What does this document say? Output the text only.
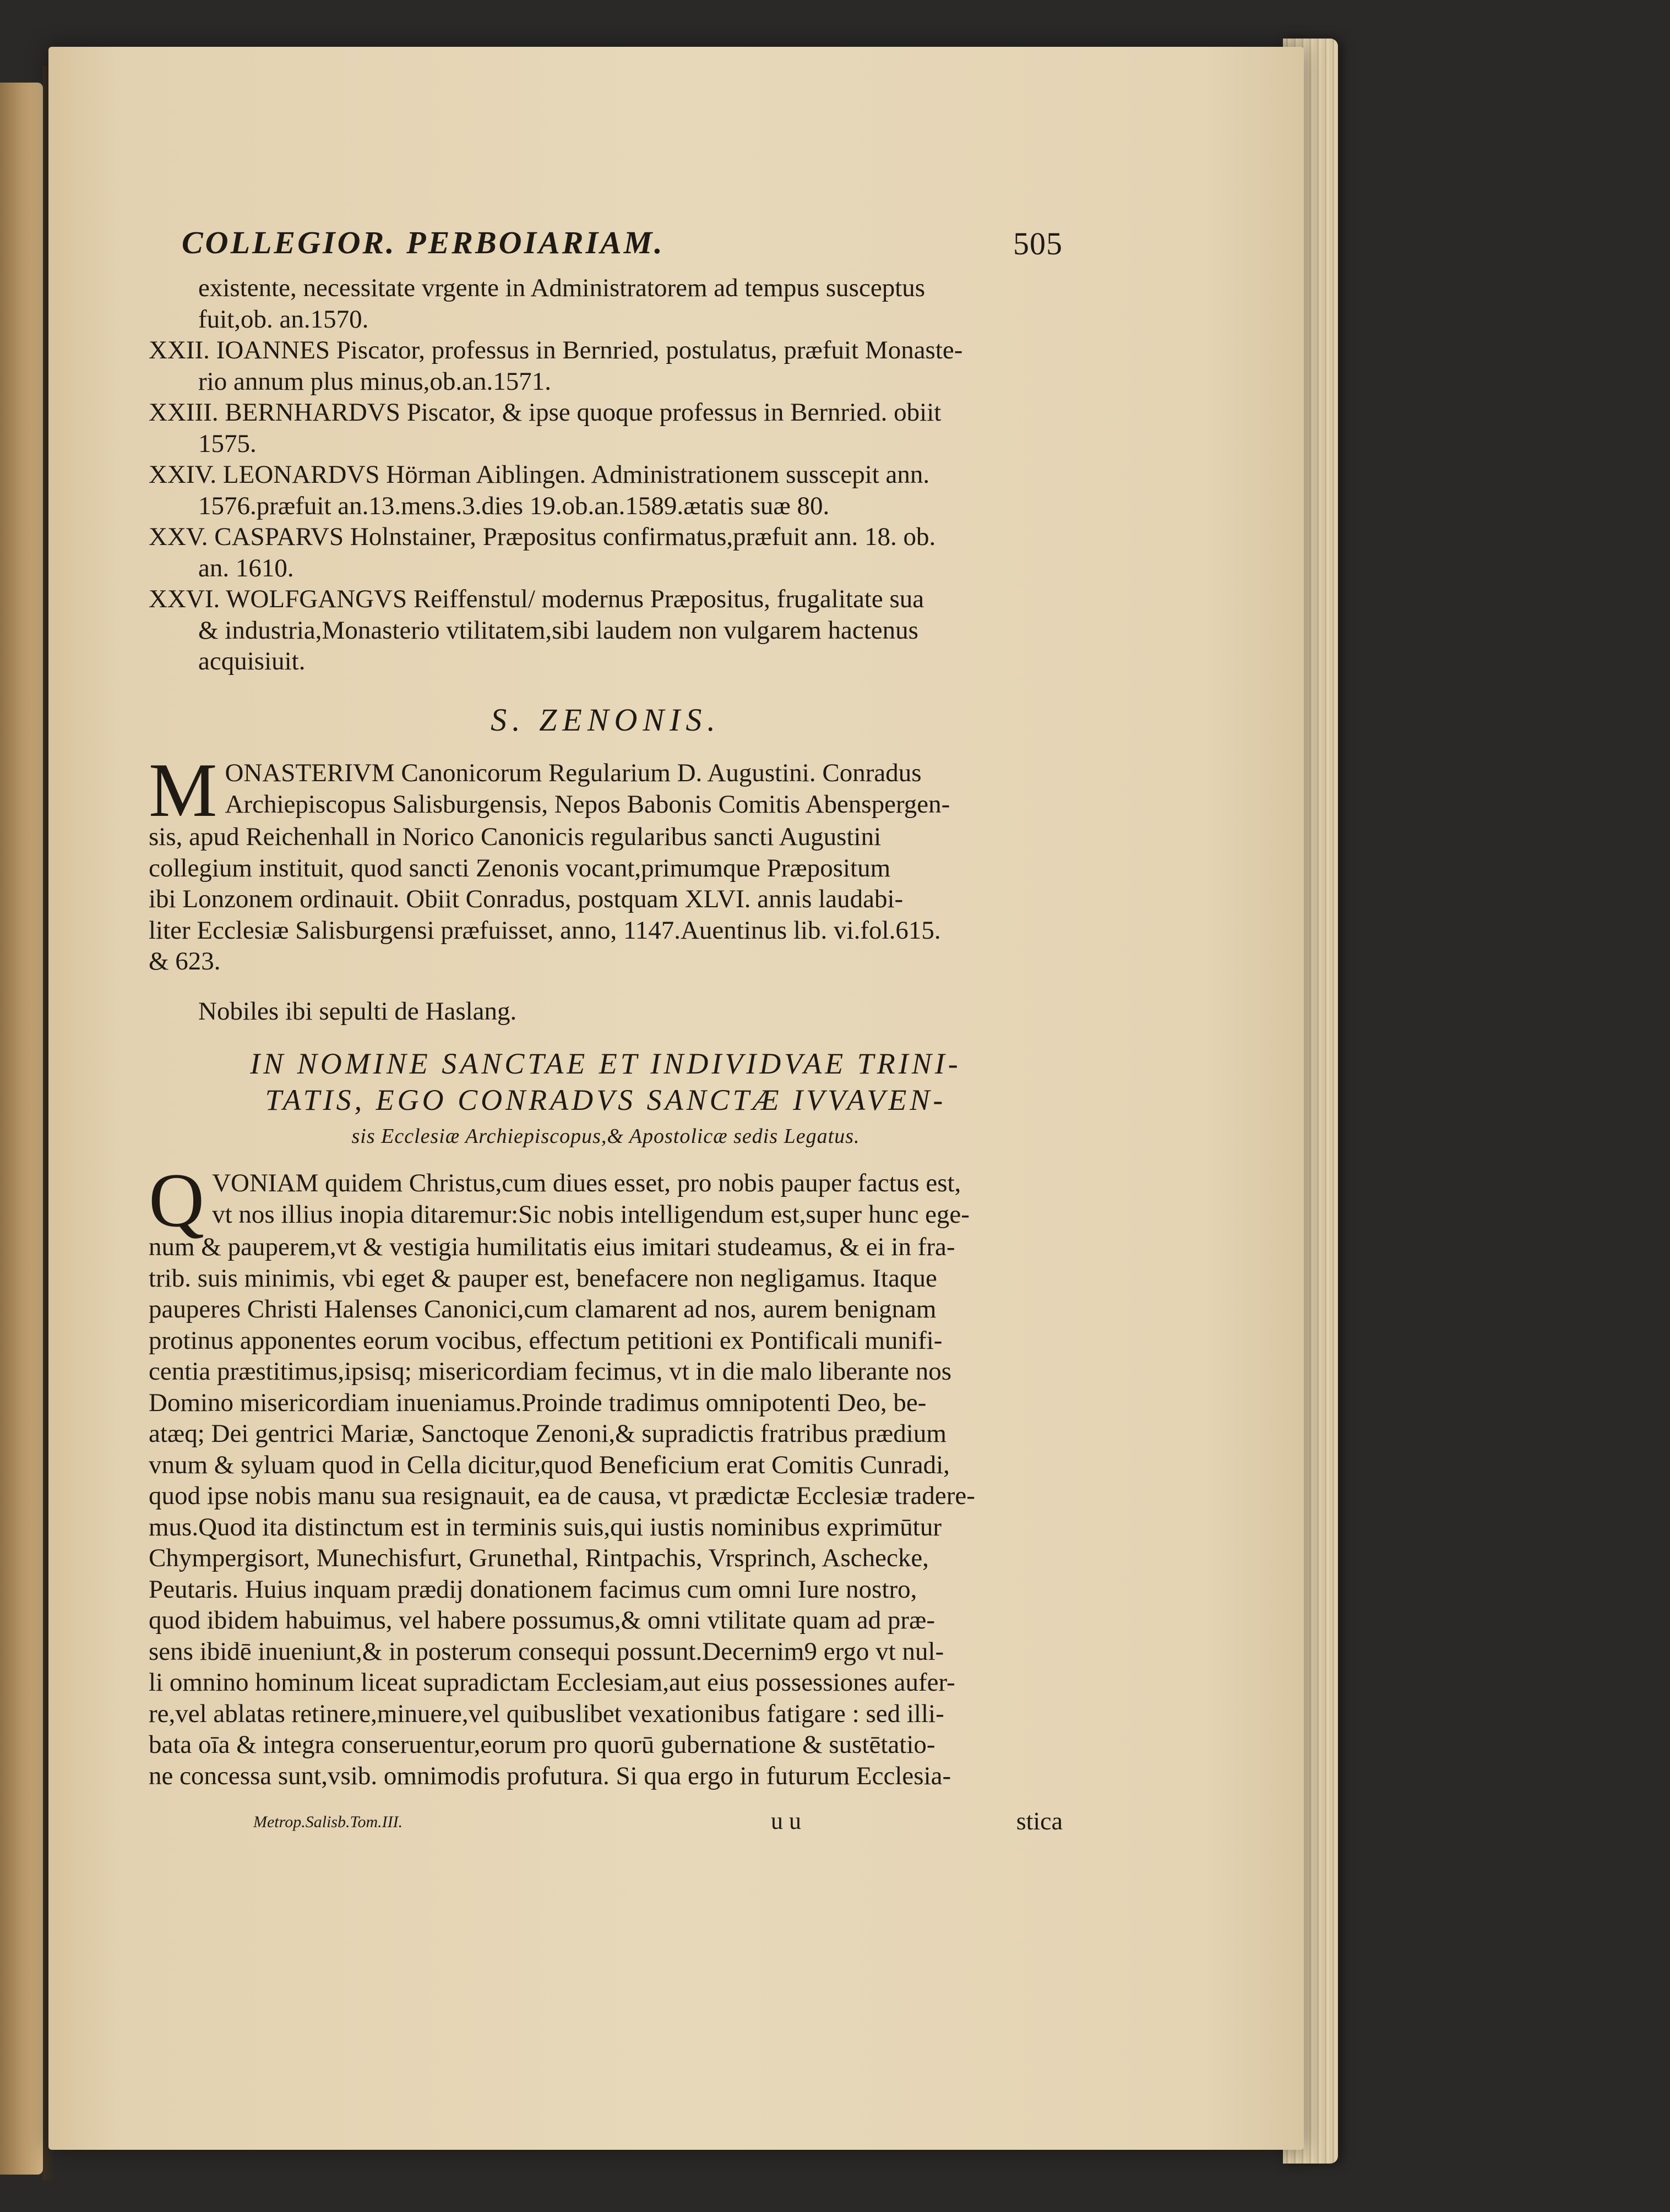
COLLEGIOR. PERBOIARIAM.	505
existente, necessitate vrgente in Administratorem ad tempus susceptus
fuit,ob. an.1570.
XXII. IOANNES Piscator, professus in Bernried, postulatus, præfuit Monaste-
rio annum plus minus,ob.an.1571.
XXIII. BERNHARDVS Piscator, & ipse quoque professus in Bernried. obiit
1575.
XXIV. LEONARDVS Hörman Aiblingen. Administrationem susscepit ann.
1576.præfuit an.13.mens.3.dies 19.ob.an.1589.ætatis suæ 80.
XXV. CASPARVS Holnstainer, Præpositus confirmatus,præfuit ann. 18. ob.
an. 1610.
XXVI. WOLFGANGVS Reiffenstul/ modernus Præpositus, frugalitate sua
& industria,Monasterio vtilitatem,sibi laudem non vulgarem hactenus
acquisiuit.
S. ZENONIS.
M ONASTERIVM Canonicorum Regularium D. Augustini. Conradus
Archiepiscopus Salisburgensis, Nepos Babonis Comitis Abenspergen-
sis, apud Reichenhall in Norico Canonicis regularibus sancti Augustini
collegium instituit, quod sancti Zenonis vocant,primumque Præpositum
ibi Lonzonem ordinauit. Obiit Conradus, postquam XLVI. annis laudabi-
liter Ecclesiæ Salisburgensi præfuisset, anno, 1147.Auentinus lib. vi.fol.615.
& 623.
Nobiles ibi sepulti de Haslang.
IN NOMINE SANCTAE ET INDIVIDVAE TRINI-
TATIS, EGO CONRADVS SANCTÆ IVVAVEN-
sis Ecclesiæ Archiepiscopus,& Apostolicæ sedis Legatus.
Q VONIAM quidem Christus,cum diues esset, pro nobis pauper factus est,
vt nos illius inopia ditaremur:Sic nobis intelligendum est,super hunc ege-
num & pauperem,vt & vestigia humilitatis eius imitari studeamus, & ei in fra-
trib. suis minimis, vbi eget & pauper est, benefacere non negligamus. Itaque
pauperes Christi Halenses Canonici,cum clamarent ad nos, aurem benignam
protinus apponentes eorum vocibus, effectum petitioni ex Pontificali munifi-
centia præstitimus,ipsisq; misericordiam fecimus, vt in die malo liberante nos
Domino misericordiam inueniamus.Proinde tradimus omnipotenti Deo, be-
atæq; Dei gentrici Mariæ, Sanctoque Zenoni,& supradictis fratribus prædium
vnum & syluam quod in Cella dicitur,quod Beneficium erat Comitis Cunradi,
quod ipse nobis manu sua resignauit, ea de causa, vt prædictæ Ecclesiæ tradere-
mus.Quod ita distinctum est in terminis suis,qui iustis nominibus exprimūtur
Chympergisort, Munechisfurt, Grunethal, Rintpachis, Vrsprinch, Aschecke,
Peutaris. Huius inquam prædij donationem facimus cum omni Iure nostro,
quod ibidem habuimus, vel habere possumus,& omni vtilitate quam ad præ-
sens ibidē inueniunt,& in posterum consequi possunt.Decernim9 ergo vt nul-
li omnino hominum liceat supradictam Ecclesiam,aut eius possessiones aufer-
re,vel ablatas retinere,minuere,vel quibuslibet vexationibus fatigare : sed illi-
bata oīa & integra conseruentur,eorum pro quorū gubernatione & sustētatio-
ne concessa sunt,vsib. omnimodis profutura. Si qua ergo in futurum Ecclesia-
Metrop.Salisb.Tom.III.	u u	stica
